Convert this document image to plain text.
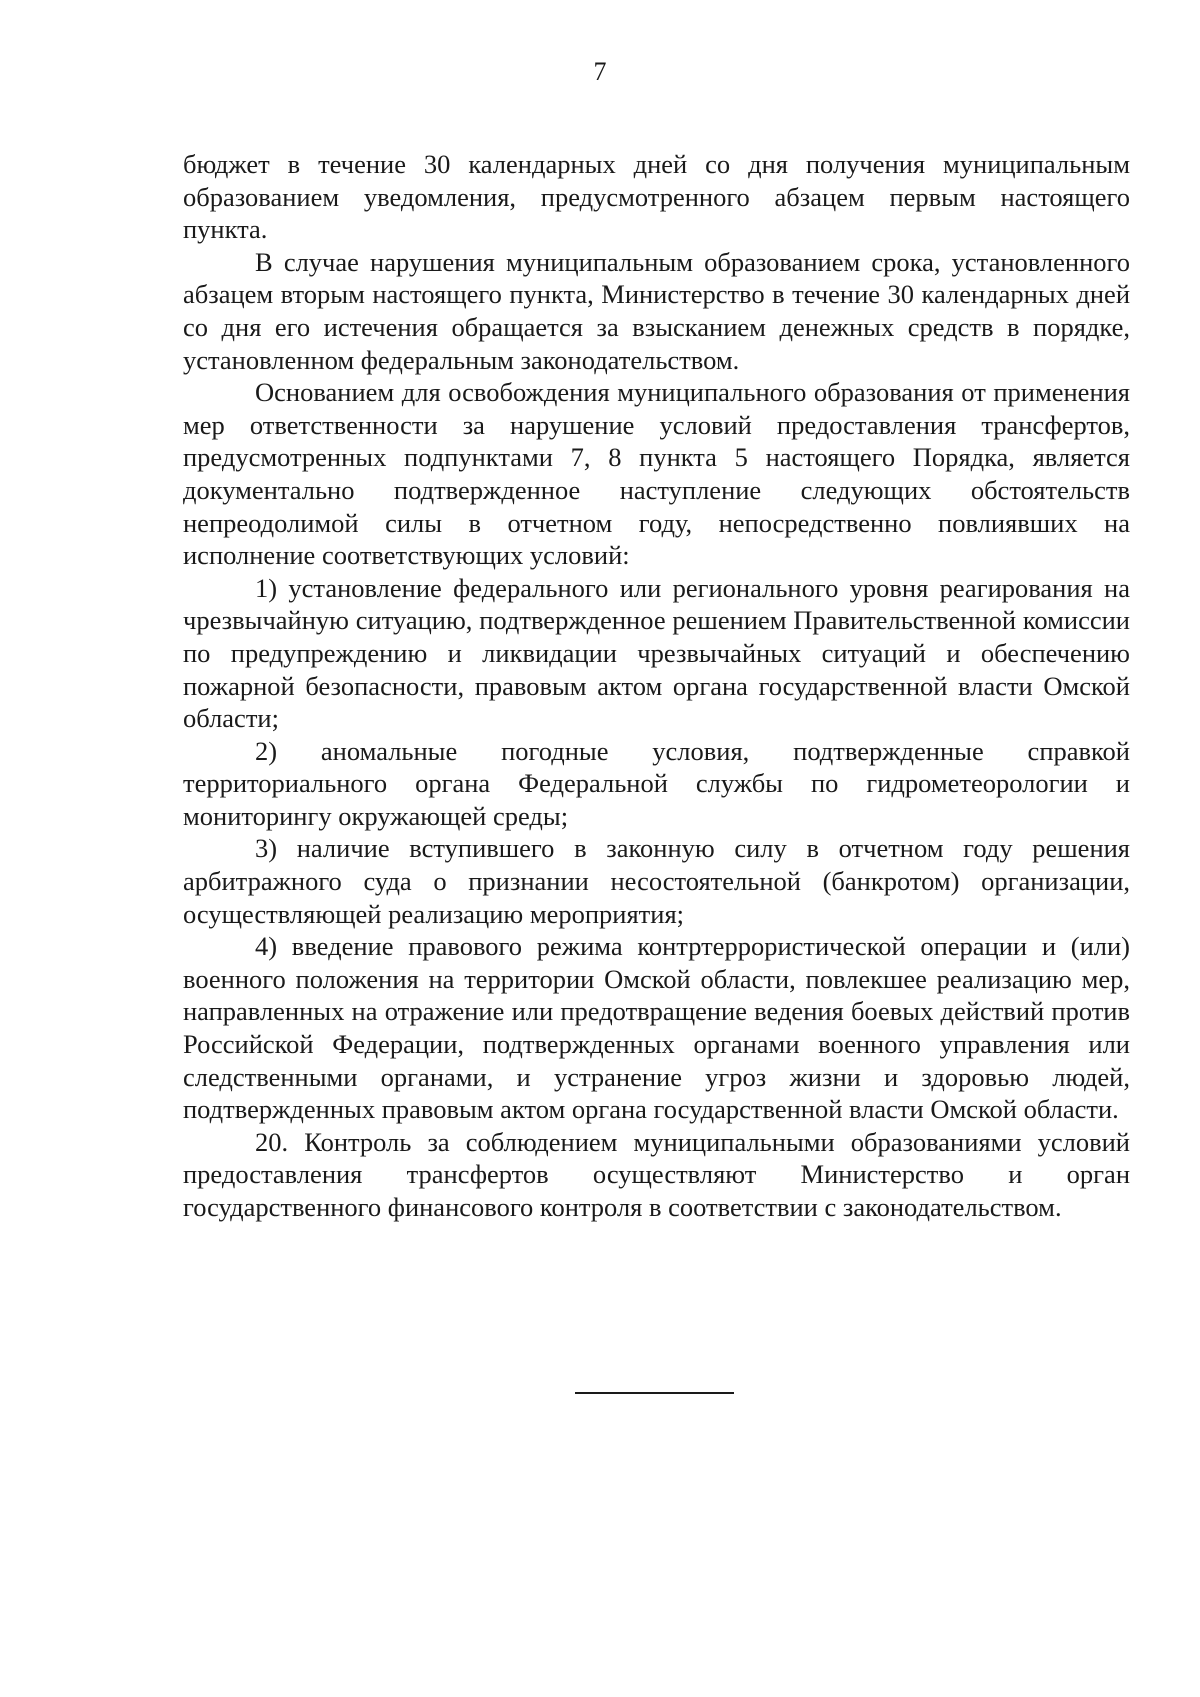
7

бюджет в течение 30 календарных дней со дня получения муниципальным образованием уведомления, предусмотренного абзацем первым настоящего пункта.

В случае нарушения муниципальным образованием срока, установленного абзацем вторым настоящего пункта, Министерство в течение 30 календарных дней со дня его истечения обращается за взысканием денежных средств в порядке, установленном федеральным законодательством.

Основанием для освобождения муниципального образования от применения мер ответственности за нарушение условий предоставления трансфертов, предусмотренных подпунктами 7, 8 пункта 5 настоящего Порядка, является документально подтвержденное наступление следующих обстоятельств непреодолимой силы в отчетном году, непосредственно повлиявших на исполнение соответствующих условий:

1) установление федерального или регионального уровня реагирования на чрезвычайную ситуацию, подтвержденное решением Правительственной комиссии по предупреждению и ликвидации чрезвычайных ситуаций и обеспечению пожарной безопасности, правовым актом органа государственной власти Омской области;

2) аномальные погодные условия, подтвержденные справкой территориального органа Федеральной службы по гидрометеорологии и мониторингу окружающей среды;

3) наличие вступившего в законную силу в отчетном году решения арбитражного суда о признании несостоятельной (банкротом) организации, осуществляющей реализацию мероприятия;

4) введение правового режима контртеррористической операции и (или) военного положения на территории Омской области, повлекшее реализацию мер, направленных на отражение или предотвращение ведения боевых действий против Российской Федерации, подтвержденных органами военного управления или следственными органами, и устранение угроз жизни и здоровью людей, подтвержденных правовым актом органа государственной власти Омской области.

20. Контроль за соблюдением муниципальными образованиями условий предоставления трансфертов осуществляют Министерство и орган государственного финансового контроля в соответствии с законодательством.
